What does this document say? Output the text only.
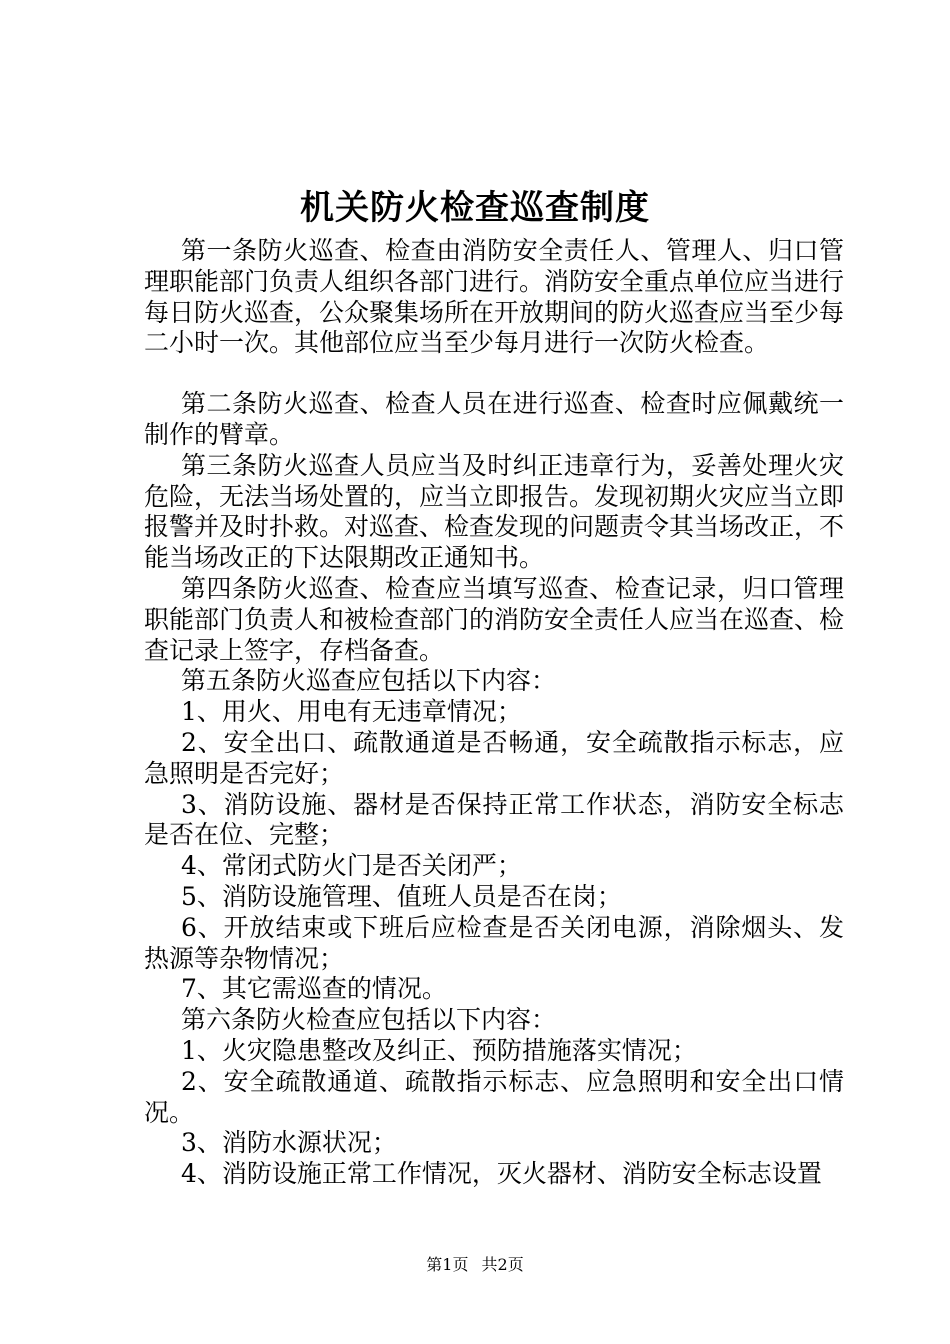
机关防火检查巡查制度

第一条防火巡查、检查由消防安全责任人、管理人、归口管理职能部门负责人组织各部门进行。消防安全重点单位应当进行每日防火巡查，公众聚集场所在开放期间的防火巡查应当至少每二小时一次。其他部位应当至少每月进行一次防火检查。

第二条防火巡查、检查人员在进行巡查、检查时应佩戴统一制作的臂章。

第三条防火巡查人员应当及时纠正违章行为，妥善处理火灾危险，无法当场处置的，应当立即报告。发现初期火灾应当立即报警并及时扑救。对巡查、检查发现的问题责令其当场改正，不能当场改正的下达限期改正通知书。

第四条防火巡查、检查应当填写巡查、检查记录，归口管理职能部门负责人和被检查部门的消防安全责任人应当在巡查、检查记录上签字，存档备查。

第五条防火巡查应包括以下内容：

1、用火、用电有无违章情况；

2、安全出口、疏散通道是否畅通，安全疏散指示标志，应急照明是否完好；

3、消防设施、器材是否保持正常工作状态，消防安全标志是否在位、完整；

4、常闭式防火门是否关闭严；

5、消防设施管理、值班人员是否在岗；

6、开放结束或下班后应检查是否关闭电源，消除烟头、发热源等杂物情况；

7、其它需巡查的情况。

第六条防火检查应包括以下内容：

1、火灾隐患整改及纠正、预防措施落实情况；

2、安全疏散通道、疏散指示标志、应急照明和安全出口情况。

3、消防水源状况；

4、消防设施正常工作情况，灭火器材、消防安全标志设置

第1页 共2页
